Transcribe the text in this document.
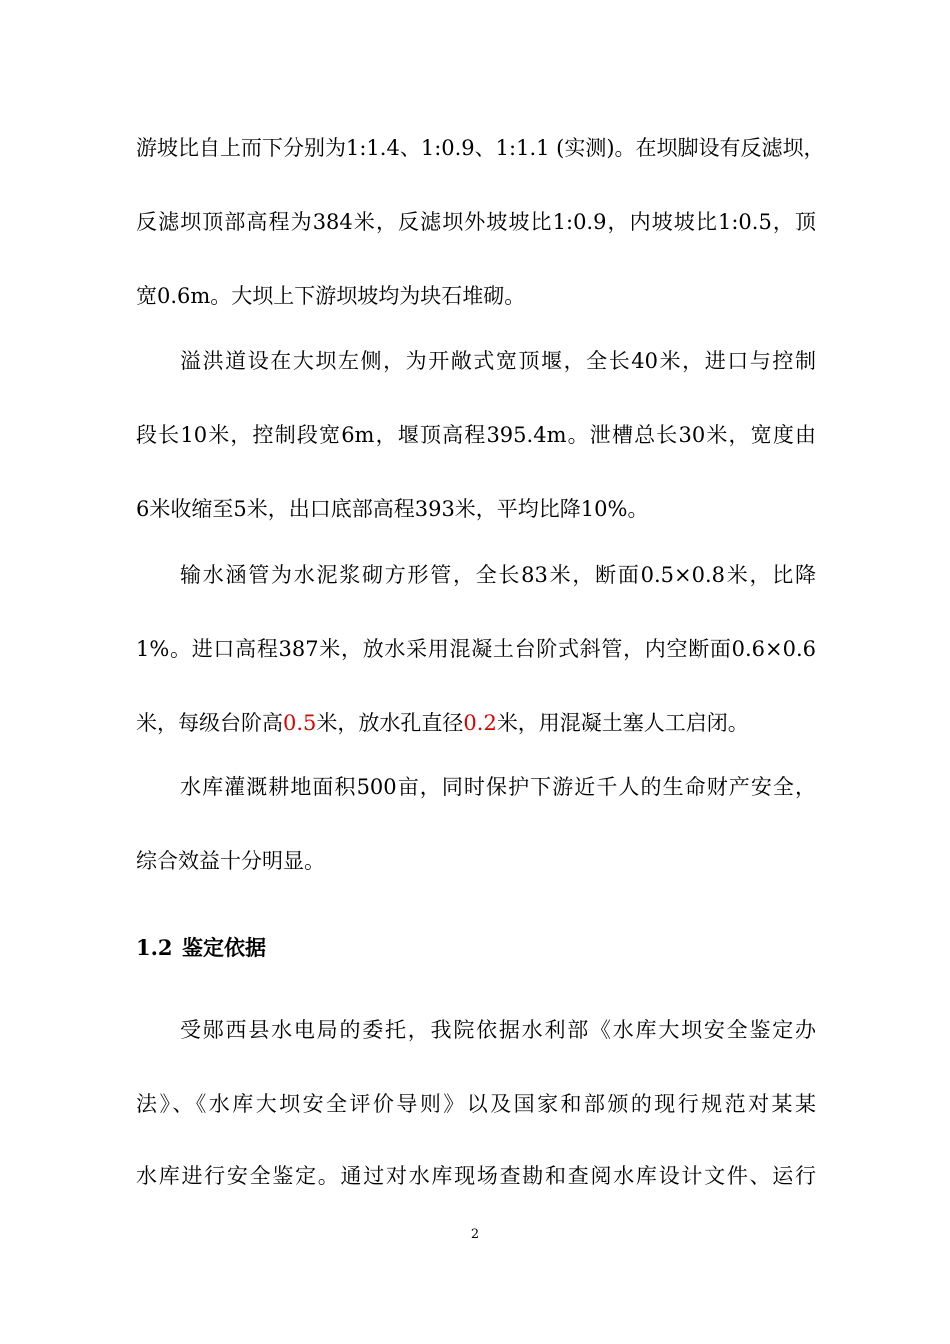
游坡比自上而下分别为1:1.4、1:0.9、1:1.1 (实测)。在坝脚设有反滤坝，
反滤坝顶部高程为384米，反滤坝外坡坡比1:0.9，内坡坡比1:0.5，顶
宽0.6m。大坝上下游坝坡均为块石堆砌。
溢洪道设在大坝左侧，为开敞式宽顶堰，全长40米，进口与控制
段长10米，控制段宽6m，堰顶高程395.4m。泄槽总长30米，宽度由
6米收缩至5米，出口底部高程393米，平均比降10%。
输水涵管为水泥浆砌方形管，全长83米，断面0.5×0.8米，比降
1%。进口高程387米，放水采用混凝土台阶式斜管，内空断面0.6×0.6
米，每级台阶高0.5米，放水孔直径0.2米，用混凝土塞人工启闭。
水库灌溉耕地面积500亩，同时保护下游近千人的生命财产安全，
综合效益十分明显。
1.2 鉴定依据
受郧西县水电局的委托，我院依据水利部《水库大坝安全鉴定办
法》、《水库大坝安全评价导则》以及国家和部颁的现行规范对某某
水库进行安全鉴定。通过对水库现场查勘和查阅水库设计文件、运行
2
